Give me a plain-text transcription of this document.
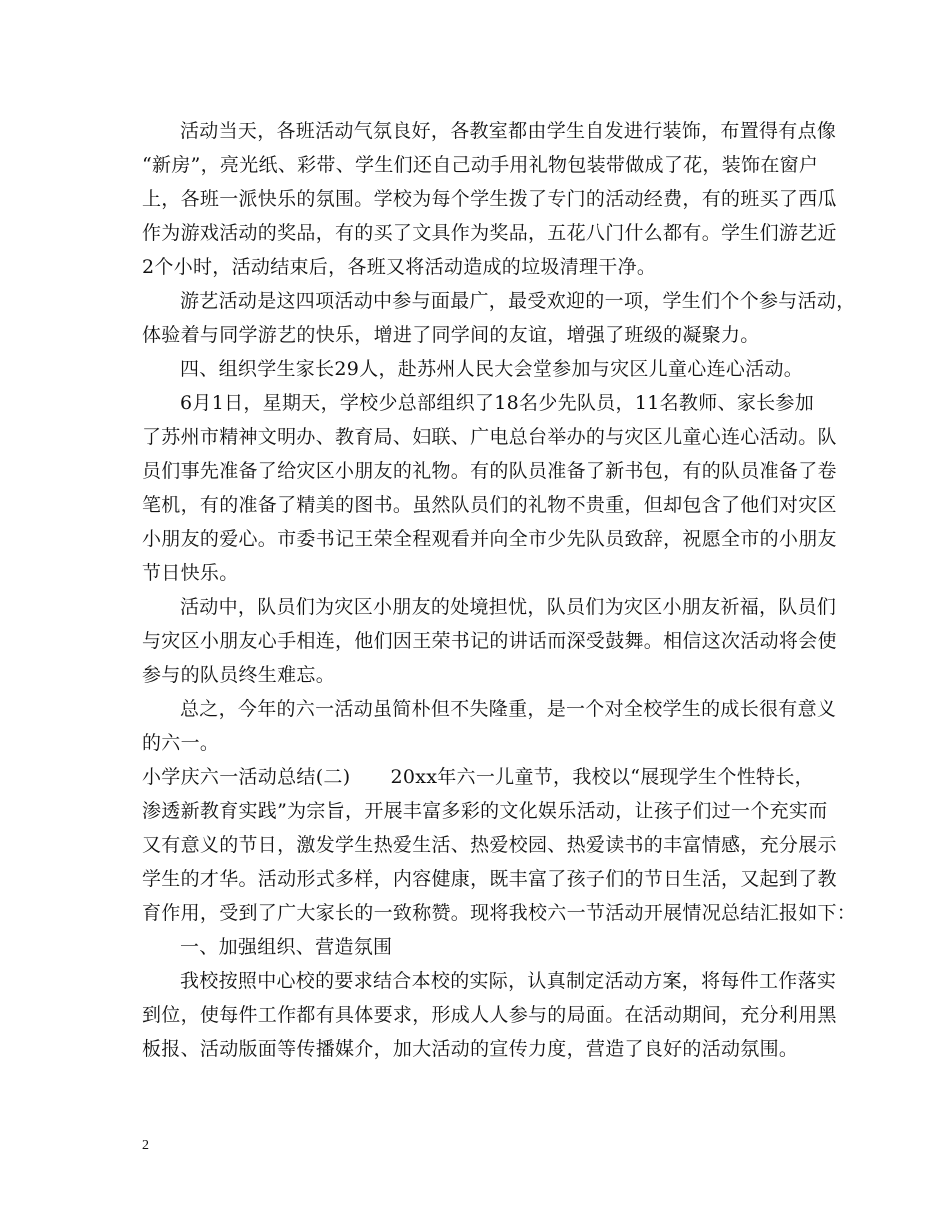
活动当天，各班活动气氛良好，各教室都由学生自发进行装饰，布置得有点像
“新房”，亮光纸、彩带、学生们还自己动手用礼物包装带做成了花，装饰在窗户
上，各班一派快乐的氛围。学校为每个学生拨了专门的活动经费，有的班买了西瓜
作为游戏活动的奖品，有的买了文具作为奖品，五花八门什么都有。学生们游艺近
2个小时，活动结束后，各班又将活动造成的垃圾清理干净。
游艺活动是这四项活动中参与面最广，最受欢迎的一项，学生们个个参与活动，
体验着与同学游艺的快乐，增进了同学间的友谊，增强了班级的凝聚力。
四、组织学生家长29人，赴苏州人民大会堂参加与灾区儿童心连心活动。
6月1日，星期天，学校少总部组织了18名少先队员，11名教师、家长参加
了苏州市精神文明办、教育局、妇联、广电总台举办的与灾区儿童心连心活动。队
员们事先准备了给灾区小朋友的礼物。有的队员准备了新书包，有的队员准备了卷
笔机，有的准备了精美的图书。虽然队员们的礼物不贵重，但却包含了他们对灾区
小朋友的爱心。市委书记王荣全程观看并向全市少先队员致辞，祝愿全市的小朋友
节日快乐。
活动中，队员们为灾区小朋友的处境担忧，队员们为灾区小朋友祈福，队员们
与灾区小朋友心手相连，他们因王荣书记的讲话而深受鼓舞。相信这次活动将会使
参与的队员终生难忘。
总之，今年的六一活动虽简朴但不失隆重，是一个对全校学生的成长很有意义
的六一。
小学庆六一活动总结(二) 20xx年六一儿童节，我校以“展现学生个性特长，
渗透新教育实践”为宗旨，开展丰富多彩的文化娱乐活动，让孩子们过一个充实而
又有意义的节日，激发学生热爱生活、热爱校园、热爱读书的丰富情感，充分展示
学生的才华。活动形式多样，内容健康，既丰富了孩子们的节日生活，又起到了教
育作用，受到了广大家长的一致称赞。现将我校六一节活动开展情况总结汇报如下：
一、加强组织、营造氛围
我校按照中心校的要求结合本校的实际，认真制定活动方案，将每件工作落实
到位，使每件工作都有具体要求，形成人人参与的局面。在活动期间，充分利用黑
板报、活动版面等传播媒介，加大活动的宣传力度，营造了良好的活动氛围。
2
